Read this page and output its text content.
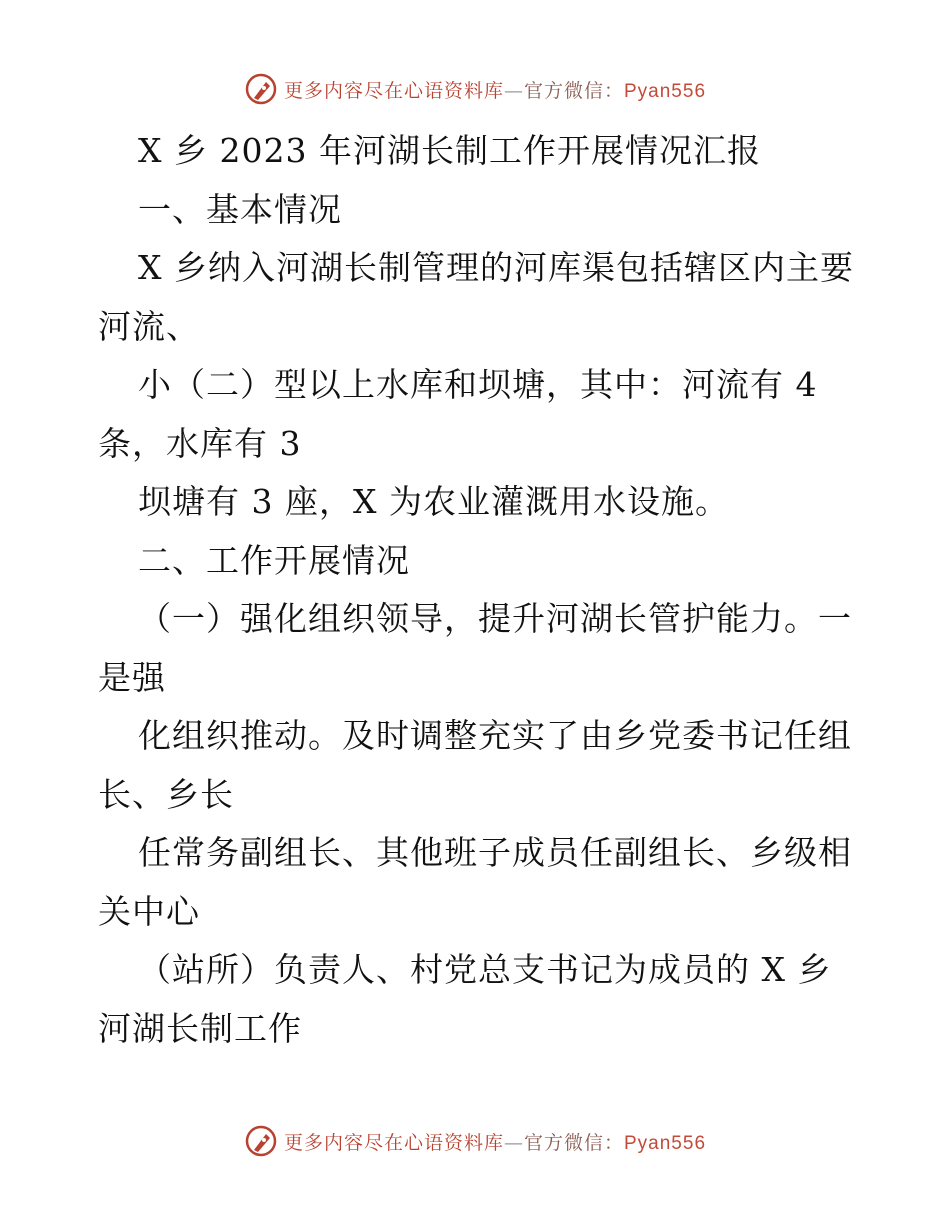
更多内容尽在心语资料库—官方微信：Pyan556
X 乡 2023 年河湖长制工作开展情况汇报
一、基本情况
X 乡纳入河湖长制管理的河库渠包括辖区内主要
河流、
小（二）型以上水库和坝塘，其中：河流有 4
条，水库有 3
坝塘有 3 座，X 为农业灌溉用水设施。
二、工作开展情况
（一）强化组织领导，提升河湖长管护能力。一
是强
化组织推动。及时调整充实了由乡党委书记任组
长、乡长
任常务副组长、其他班子成员任副组长、乡级相
关中心
（站所）负责人、村党总支书记为成员的 X 乡
河湖长制工作
更多内容尽在心语资料库—官方微信：Pyan556
